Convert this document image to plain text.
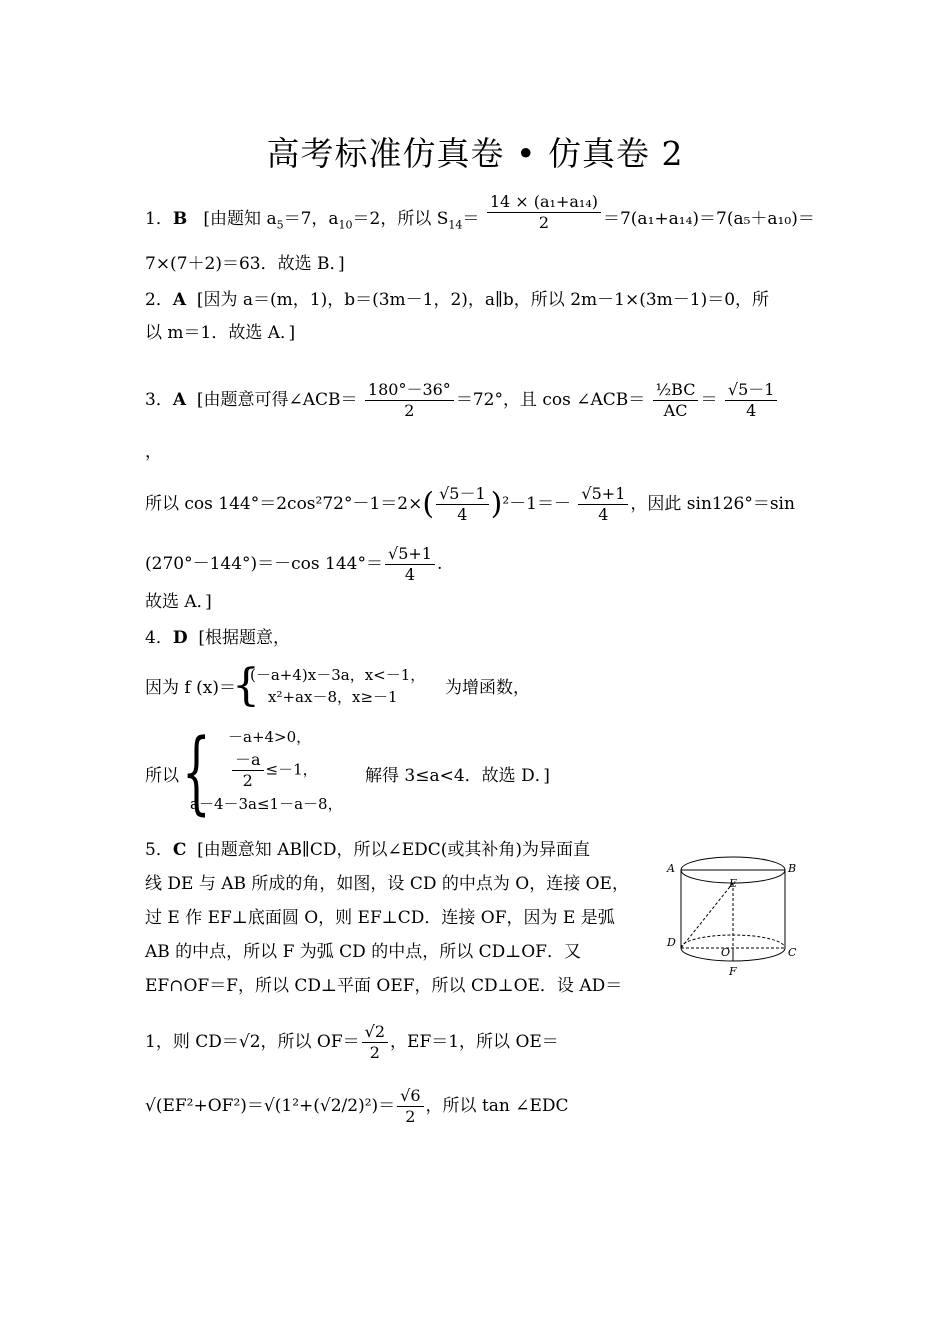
高考标准仿真卷 • 仿真卷 2
1．B [由题知 $a_5=7$，$a_{10}=2$，所以 $S_{14}= \frac{\text{14 × (a₁+a₁₄)}}{2} =7(a_1+a_{14})=7(a_5+a_{10})=$
7×(7＋2)＝63．故选 B．]
2．A [因为 a＝(m，1)，b＝(3m－1，2)，a∥b，所以 2m－1×(3m－1)＝0，所
以 m＝1．故选 A．]
3．A [由题意可得∠ACB＝ $\frac{180^\circ-36^\circ}{2} =72^\circ$，且 cos ∠ACB＝ $\frac{\text{½BC}}{AC} = \frac{√5-1}{4}$
，
所以 $\cos 144^\circ=2\cos^272^\circ-1=2\times( \frac{√5-1}{4} )^2-1=- \frac{√5+1}{4}$ ，因此 sin126°＝sin
(270°－144°)＝－cos $144^\circ= \frac{√5+1}{4}$ .
故选 A．]
4．D [根据题意，
因为 f (x)＝
{
(－a+4)x－3a，x<－1，
x²+ax－8，x≥－1	为增函数，
所以 { －a+4>0，
$\frac{-a}{2} \le-1$，
a－4－3a≤1－a－8，
解得 3≤a<4．故选 D．]
5．C [由题意知 AB∥CD，所以∠EDC(或其补角)为异面直
线 DE 与 AB 所成的角，如图，设 CD 的中点为 O，连接 OE，
过 E 作 EF⊥底面圆 O，则 EF⊥CD．连接 OF，因为 E 是弧
AB 的中点，所以 F 为弧 CD 的中点，所以 CD⊥OF．又
EF∩OF＝F，所以 CD⊥平面 OEF，所以 CD⊥OE．设 AD＝
1，则 CD＝√2，所以 $OF= \frac{√2}{2}$ ，EF＝1，所以 OE＝
$√(EF^2+OF^2)=√(1^2+(√2/2)^2)= \frac{√6}{2}$ ，所以 tan ∠EDC
A	B
C
D
E
O
F
